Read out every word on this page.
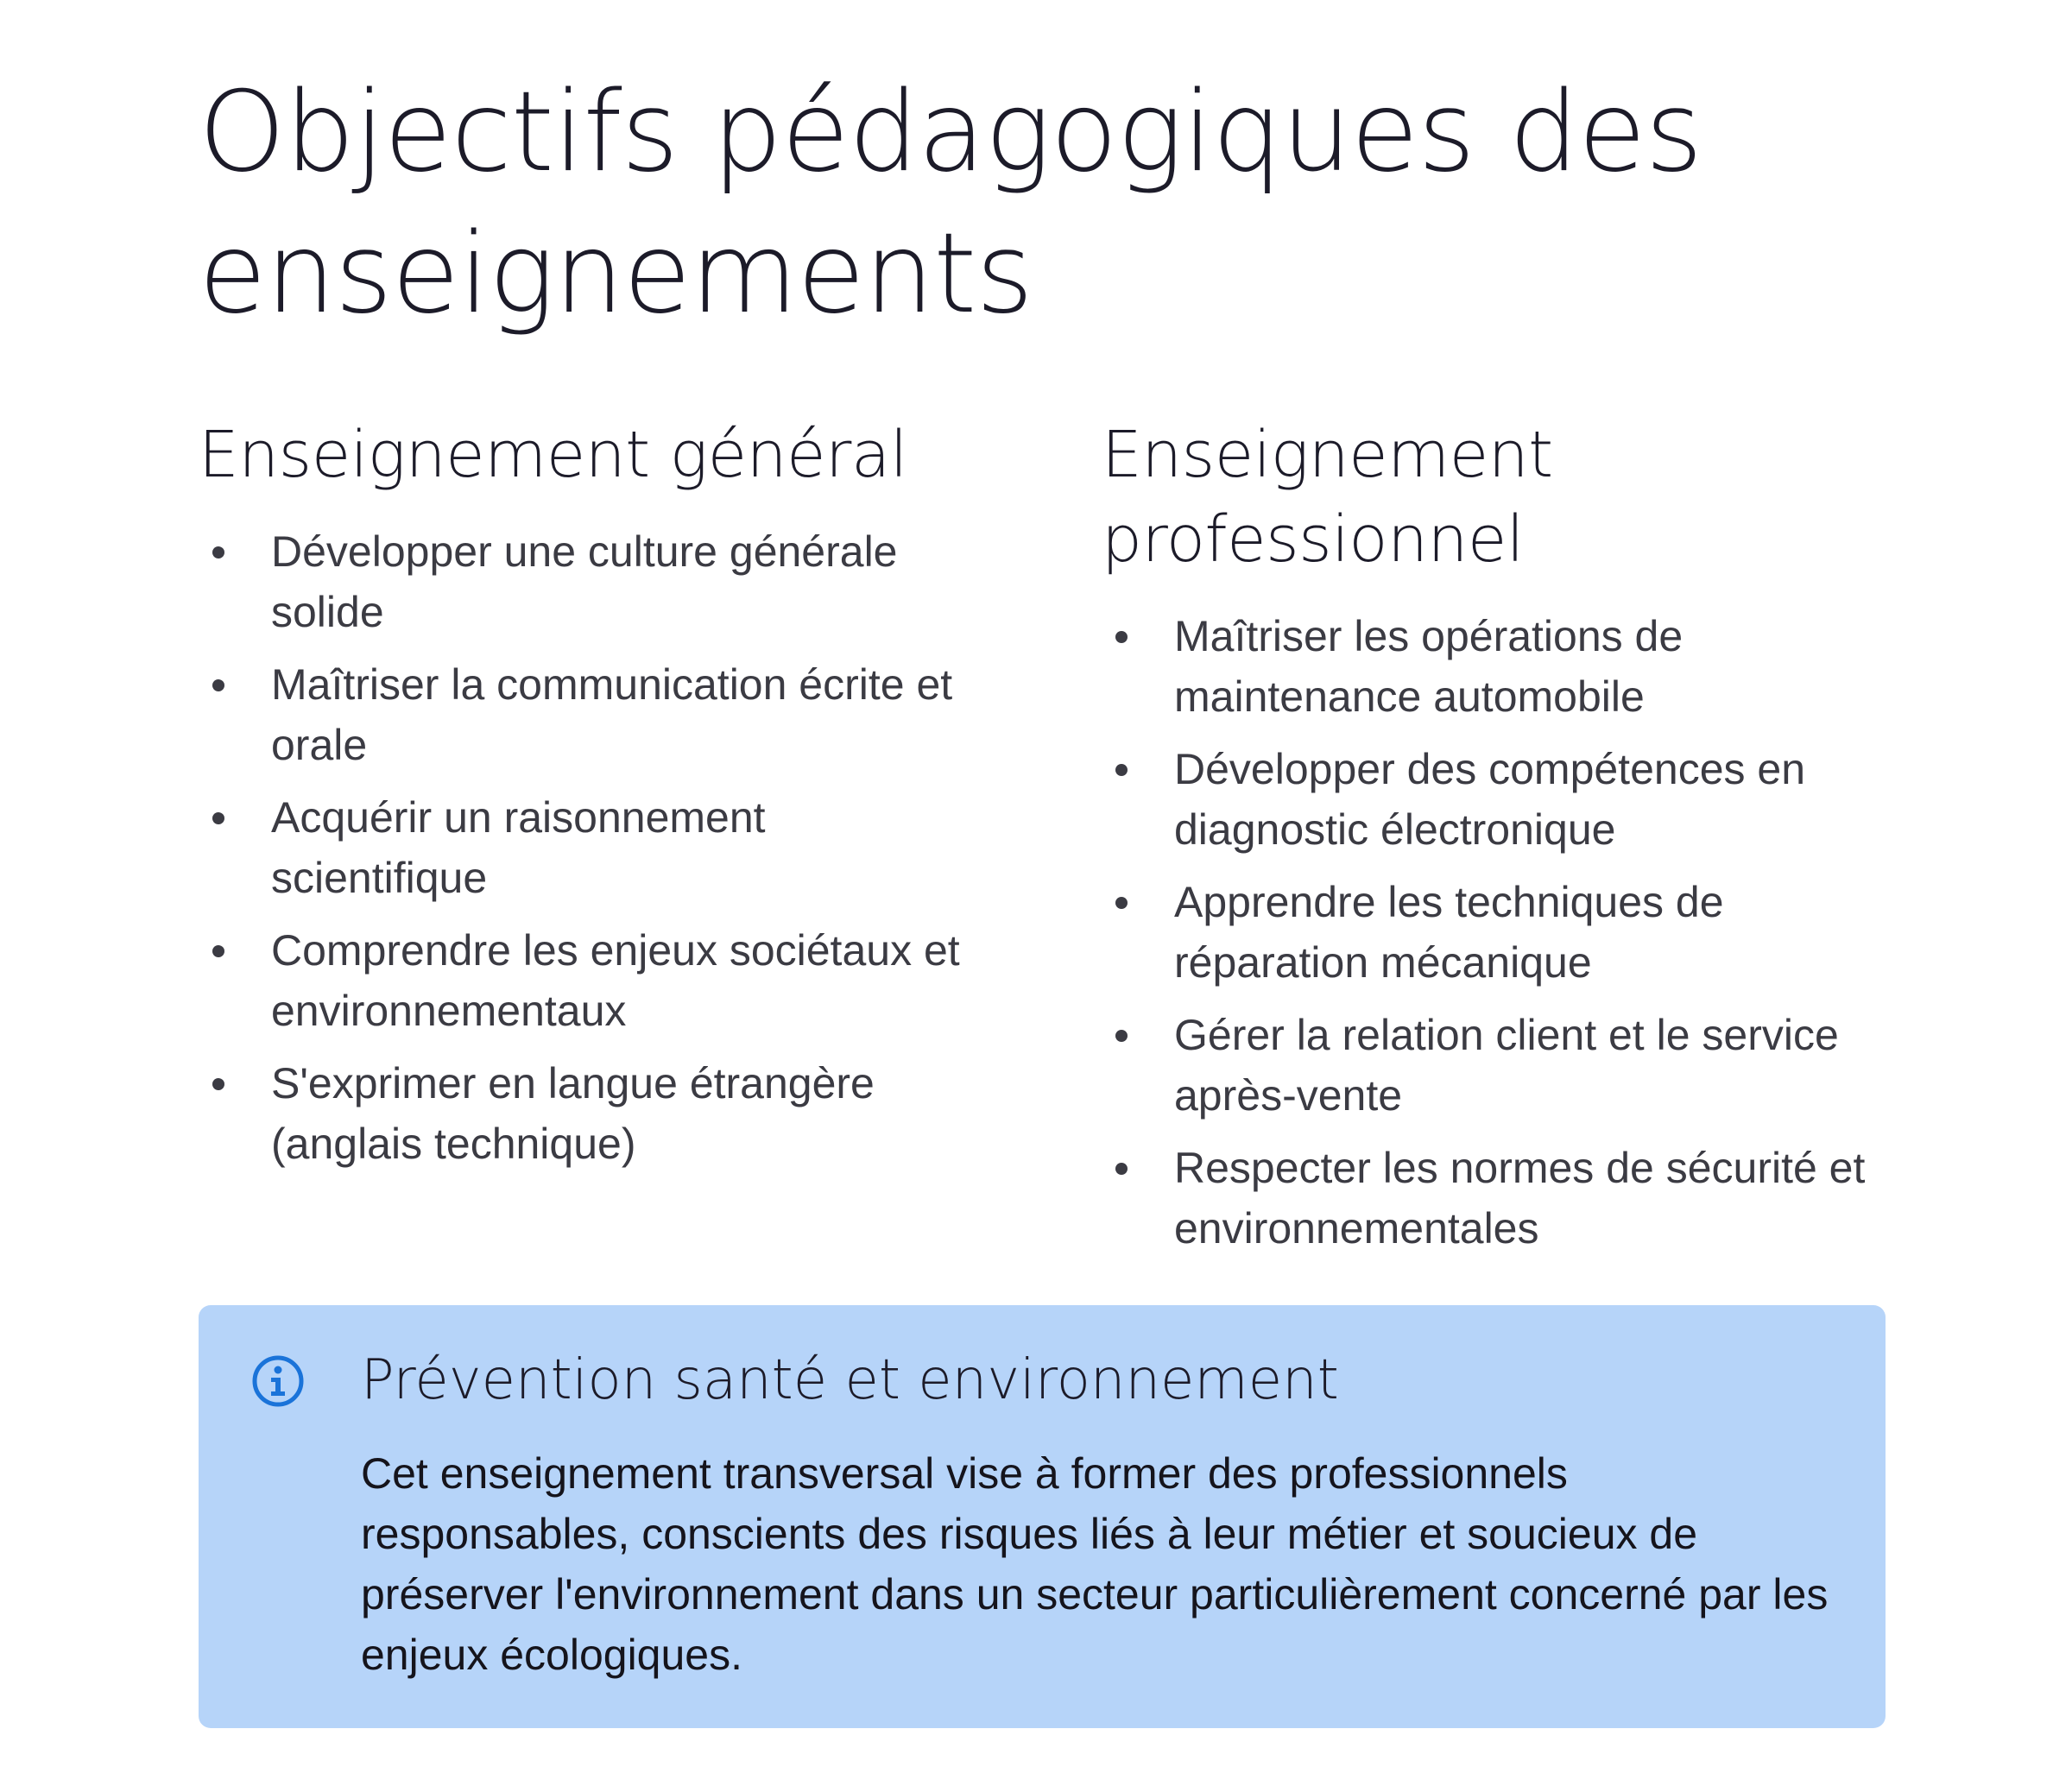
Objectifs pédagogiques des enseignements
Enseignement général
Développer une culture générale solide
Maîtriser la communication écrite et orale
Acquérir un raisonnement scientifique
Comprendre les enjeux sociétaux et environnementaux
S'exprimer en langue étrangère (anglais technique)
Enseignement professionnel
Maîtriser les opérations de maintenance automobile
Développer des compétences en diagnostic électronique
Apprendre les techniques de réparation mécanique
Gérer la relation client et le service après-vente
Respecter les normes de sécurité et environnementales
Prévention santé et environnement

Cet enseignement transversal vise à former des professionnels responsables, conscients des risques liés à leur métier et soucieux de préserver l'environnement dans un secteur particulièrement concerné par les enjeux écologiques.
